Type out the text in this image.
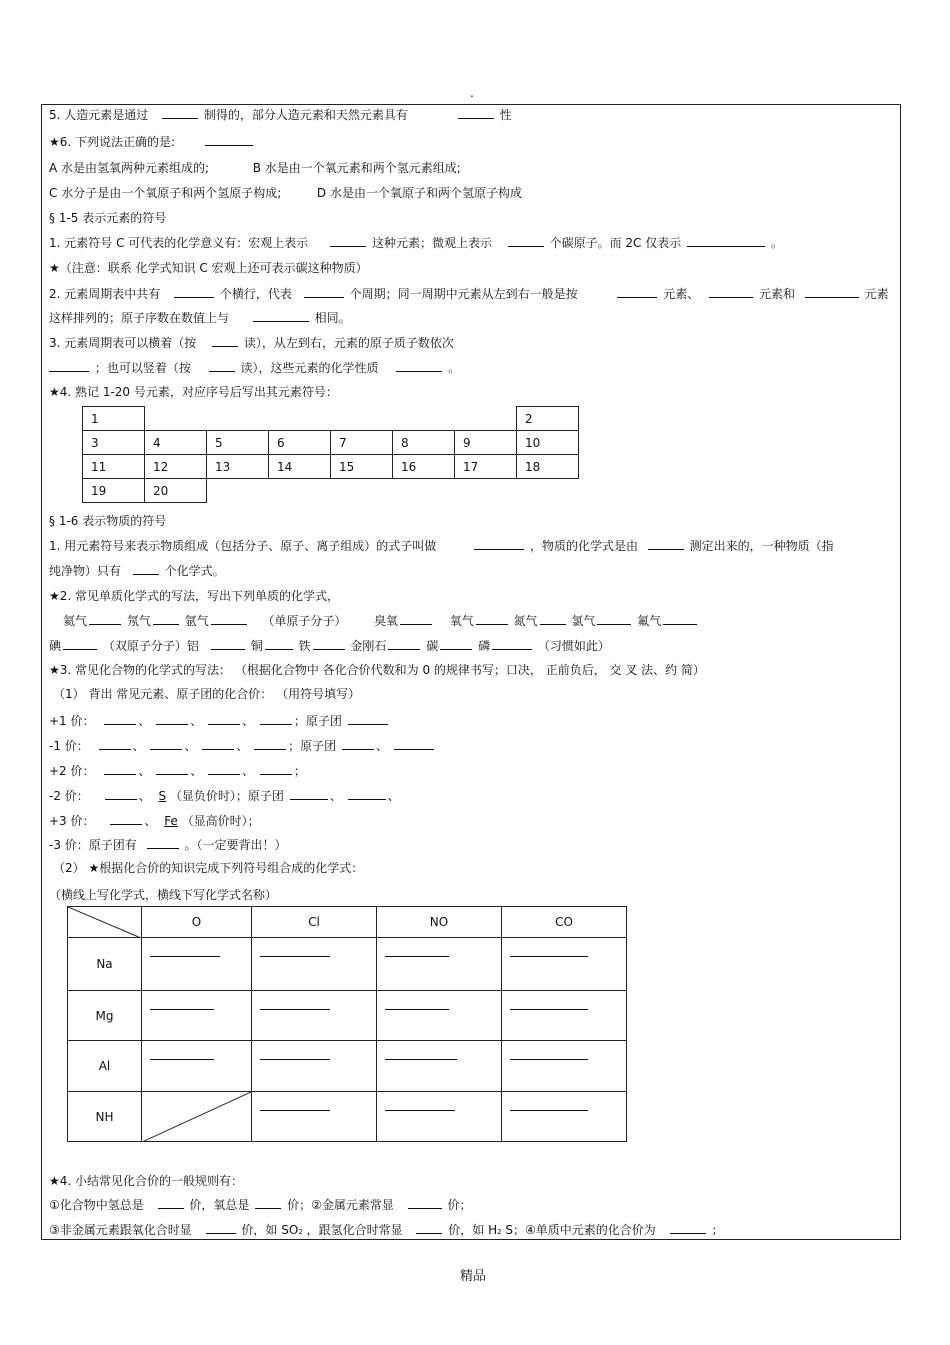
.
5. 人造元素是通过	制得的，部分人造元素和天然元素具有	性
★6. 下列说法正确的是:
A 水是由氢氧两种元素组成的;	B 水是由一个氧元素和两个氢元素组成;
C 水分子是由一个氧原子和两个氢原子构成;	D 水是由一个氧原子和两个氢原子构成
§ 1-5 表示元素的符号
1. 元素符号 C 可代表的化学意义有：宏观上表示	这种元素；微观上表示	个碳原子。而 2C 仅表示	。
★（注意：联系 化学式知识 C 宏观上还可表示碳这种物质）
2. 元素周期表中共有	个横行，代表	个周期；同一周期中元素从左到右一般是按	元素、	元素和	元素
这样排列的；原子序数在数值上与	相同。
3. 元素周期表可以横着（按	读），从左到右，元素的原子质子数依次
；也可以竖着（按	读），这些元素的化学性质	。
★4. 熟记 1-20 号元素，对应序号后写出其元素符号：
1							2
3	4	5	6	7	8	9	10
11	12	13	14	15	16	17	18
19	20						
§ 1-6 表示物质的符号
1. 用元素符号来表示物质组成（包括分子、原子、离子组成）的式子叫做	，物质的化学式是由	测定出来的，一种物质（指
纯净物）只有	个化学式。
★2. 常见单质化学式的写法，写出下列单质的化学式，
氦气	氖气	氩气	（单原子分子） 臭氧	氧气	氮气	氯气	氟气
碘	（双原子分子）铝	铜	铁	金刚石	碳	磷	（习惯如此）
★3. 常见化合物的化学式的写法： （根据化合物中 各化合价代数和为 0 的规律书写；口决， 正前负后， 交 叉 法、约 简）
（1） 背出 常见元素、原子团的化合价： （用符号填写）
+1 价：	、	、	、	；原子团
-1 价：	、	、	、	；原子团	、
+2 价：	、	、	、	；
-2 价：	、 S （显负价时）；原子团	、	、
+3 价：	、 Fe （显高价时）；
-3 价：原子团有	。（一定要背出！）
（2） ★根据化合价的知识完成下列符号组合成的化学式：
（横线上写化学式，横线下写化学式名称）
	O	Cl	NO	CO
Na	

Mg	

Al	

NH	

★4. 小结常见化合价的一般规则有：
①化合物中氢总是	价，氧总是	价；②金属元素常显	价；
③非金属元素跟氧化合时显	价，如 SO2 ，跟氢化合时常显	价，如 H2 S；④单质中元素的化合价为	；
精品
